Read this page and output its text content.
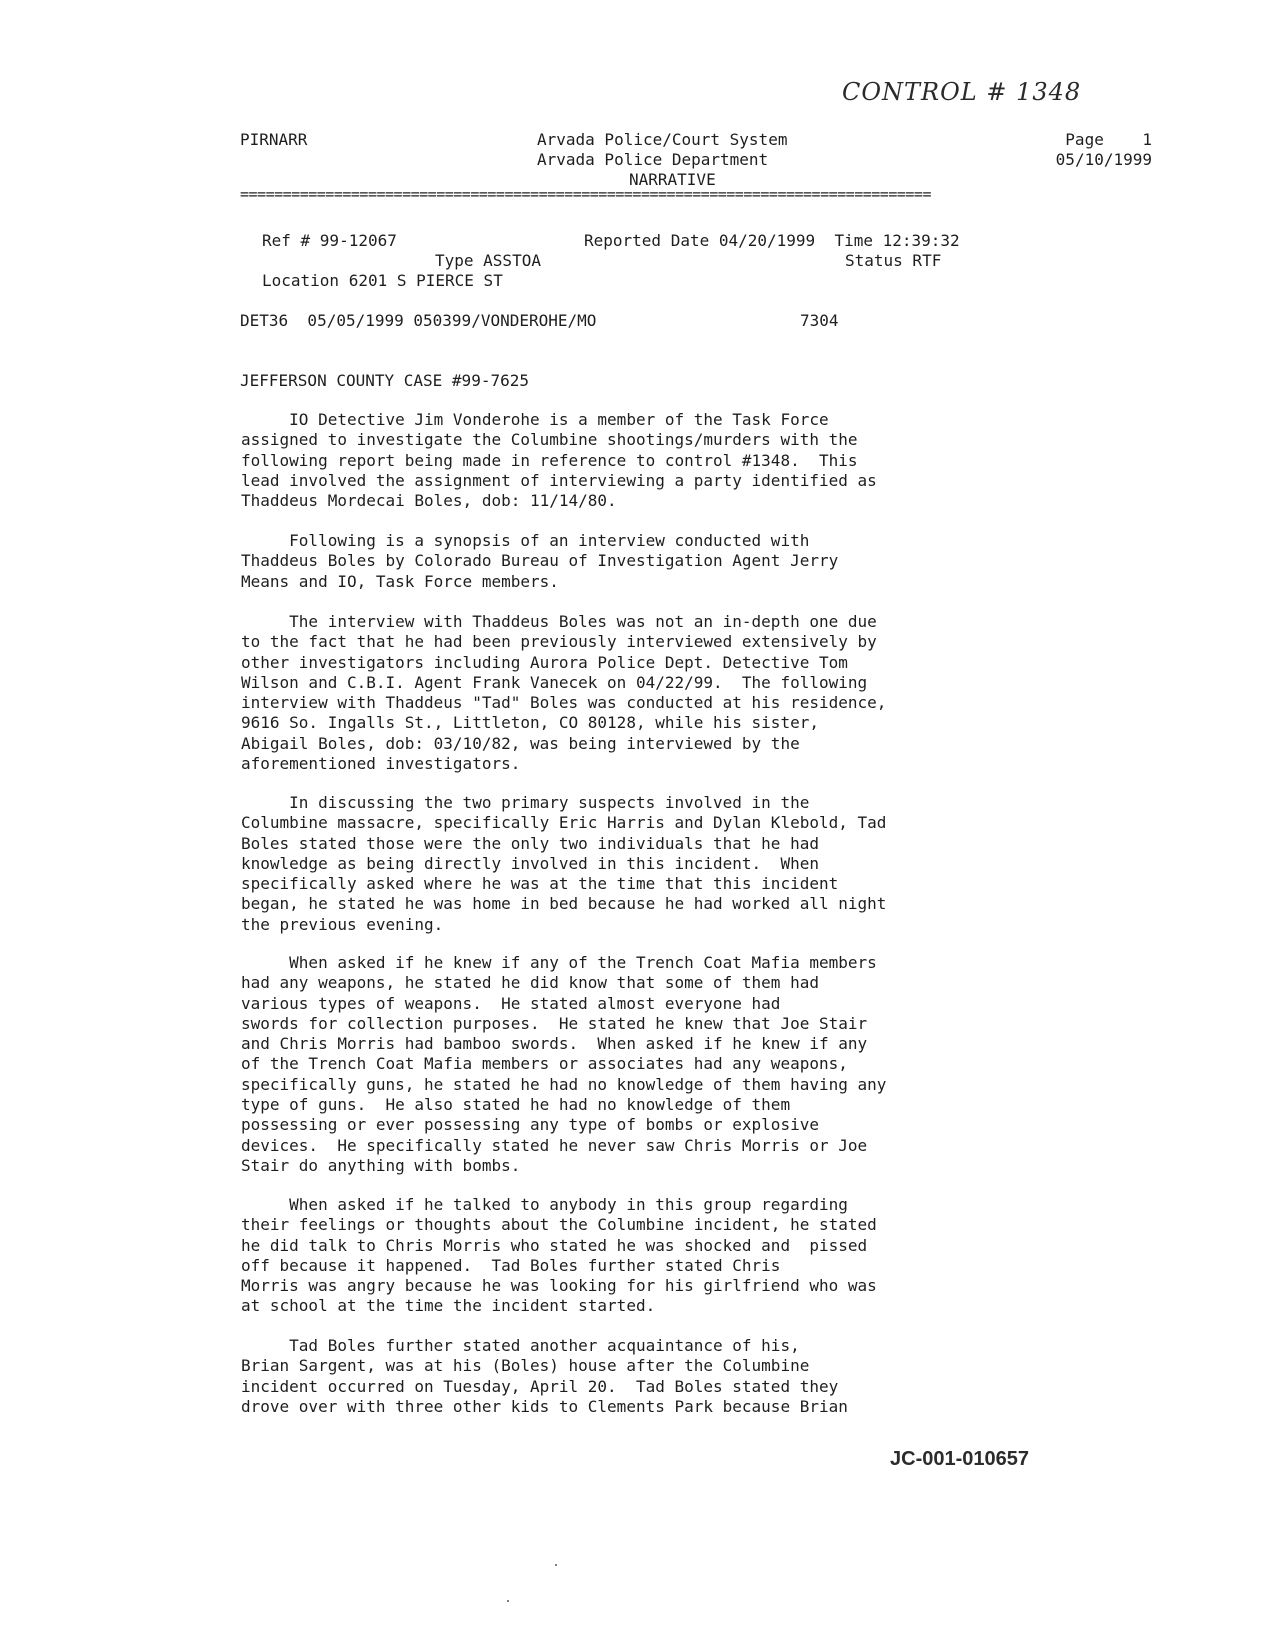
CONTROL # 1348
PIRNARR	Arvada Police/Court System
Arvada Police Department
NARRATIVE
Page    1
05/10/1999
=================================================================================
Ref # 99-12067	Reported Date 04/20/1999  Time 12:39:32
Type ASSTOA	Status RTF
Location 6201 S PIERCE ST
DET36  05/05/1999 050399/VONDEROHE/MO	7304
JEFFERSON COUNTY CASE #99-7625
IO Detective Jim Vonderohe is a member of the Task Force
assigned to investigate the Columbine shootings/murders with the
following report being made in reference to control #1348.  This
lead involved the assignment of interviewing a party identified as
Thaddeus Mordecai Boles, dob: 11/14/80.
Following is a synopsis of an interview conducted with
Thaddeus Boles by Colorado Bureau of Investigation Agent Jerry
Means and IO, Task Force members.
The interview with Thaddeus Boles was not an in-depth one due
to the fact that he had been previously interviewed extensively by
other investigators including Aurora Police Dept. Detective Tom
Wilson and C.B.I. Agent Frank Vanecek on 04/22/99.  The following
interview with Thaddeus "Tad" Boles was conducted at his residence,
9616 So. Ingalls St., Littleton, CO 80128, while his sister,
Abigail Boles, dob: 03/10/82, was being interviewed by the
aforementioned investigators.
In discussing the two primary suspects involved in the
Columbine massacre, specifically Eric Harris and Dylan Klebold, Tad
Boles stated those were the only two individuals that he had
knowledge as being directly involved in this incident.  When
specifically asked where he was at the time that this incident
began, he stated he was home in bed because he had worked all night
the previous evening.
When asked if he knew if any of the Trench Coat Mafia members
had any weapons, he stated he did know that some of them had
various types of weapons.  He stated almost everyone had
swords for collection purposes.  He stated he knew that Joe Stair
and Chris Morris had bamboo swords.  When asked if he knew if any
of the Trench Coat Mafia members or associates had any weapons,
specifically guns, he stated he had no knowledge of them having any
type of guns.  He also stated he had no knowledge of them
possessing or ever possessing any type of bombs or explosive
devices.  He specifically stated he never saw Chris Morris or Joe
Stair do anything with bombs.
When asked if he talked to anybody in this group regarding
their feelings or thoughts about the Columbine incident, he stated
he did talk to Chris Morris who stated he was shocked and  pissed
off because it happened.  Tad Boles further stated Chris
Morris was angry because he was looking for his girlfriend who was
at school at the time the incident started.
Tad Boles further stated another acquaintance of his,
Brian Sargent, was at his (Boles) house after the Columbine
incident occurred on Tuesday, April 20.  Tad Boles stated they
drove over with three other kids to Clements Park because Brian
JC-001-010657
